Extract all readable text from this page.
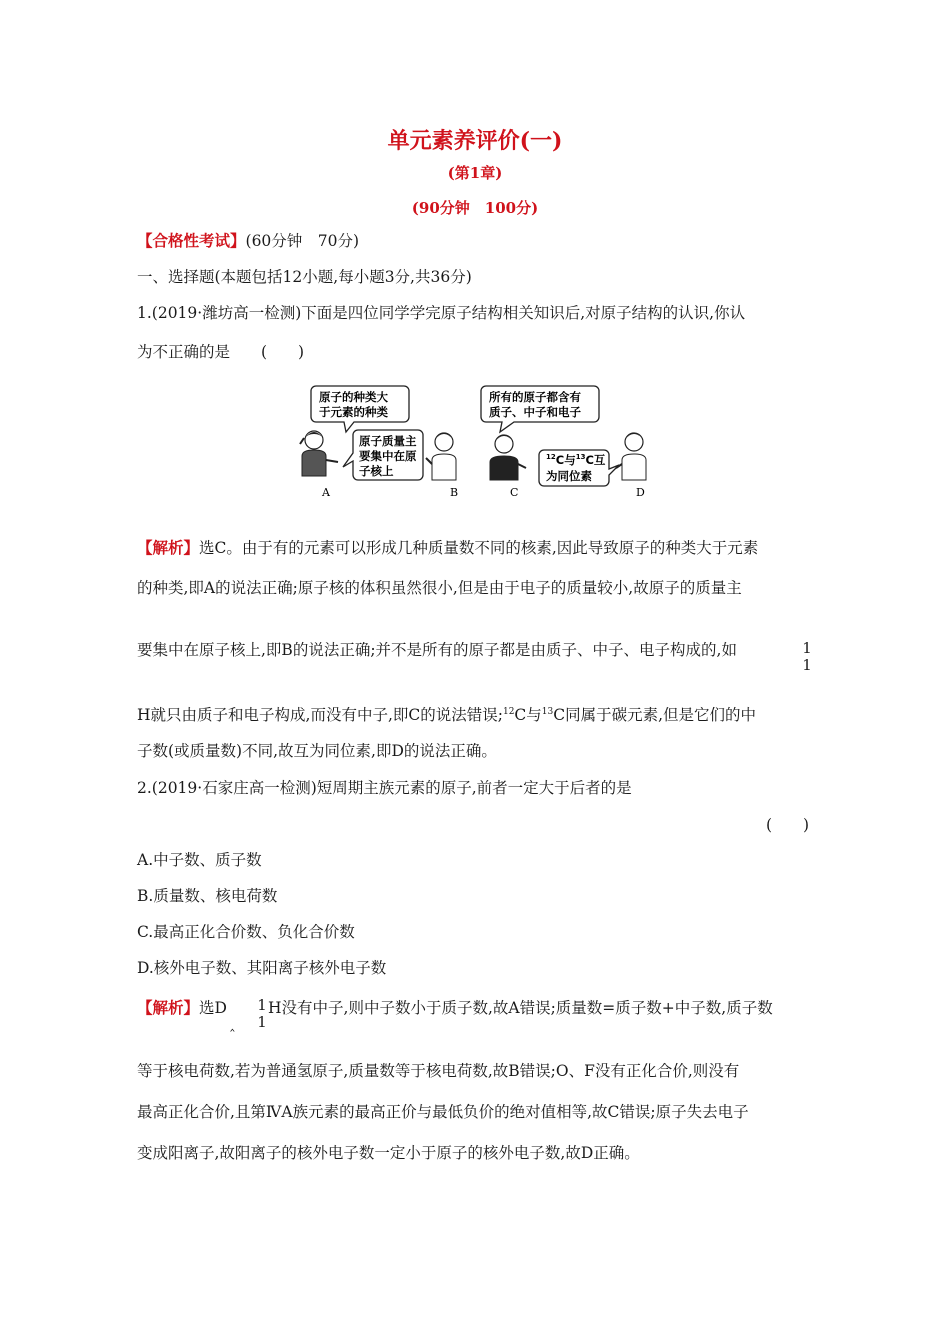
单元素养评价(一)
(第1章)
(90分钟　100分)
【合格性考试】(60分钟　70分)
一、选择题(本题包括12小题,每小题3分,共36分)
1.(2019·潍坊高一检测)下面是四位同学学完原子结构相关知识后,对原子结构的认识,你认
为不正确的是　　(　　)
原子的种类大
于元素的种类
原子质量主
要集中在原
子核上
所有的原子都含有
质子、中子和电子
$^{12}$C与$^{13}$C互
为同位素
A	B	C	D
【解析】选C。由于有的元素可以形成几种质量数不同的核素,因此导致原子的种类大于元素
的种类,即A的说法正确;原子核的体积虽然很小,但是由于电子的质量较小,故原子的质量主
要集中在原子核上,即B的说法正确;并不是所有的原子都是由质子、中子、电子构成的,如	1
1
H就只由质子和电子构成,而没有中子,即C的说法错误;$^{12}$C与$^{13}$C同属于碳元素,但是它们的中
子数(或质量数)不同,故互为同位素,即D的说法正确。
2.(2019·石家庄高一检测)短周期主族元素的原子,前者一定大于后者的是
(　　)
A.中子数、质子数
B.质量数、核电荷数
C.最高正化合价数、负化合价数
D.核外电子数、其阳离子核外电子数
【解析】选D
‸
1
1
H没有中子,则中子数小于质子数,故A错误;质量数=质子数+中子数,质子数
等于核电荷数,若为普通氢原子,质量数等于核电荷数,故B错误;O、F没有正化合价,则没有
最高正化合价,且第ⅣA族元素的最高正价与最低负价的绝对值相等,故C错误;原子失去电子
变成阳离子,故阳离子的核外电子数一定小于原子的核外电子数,故D正确。
